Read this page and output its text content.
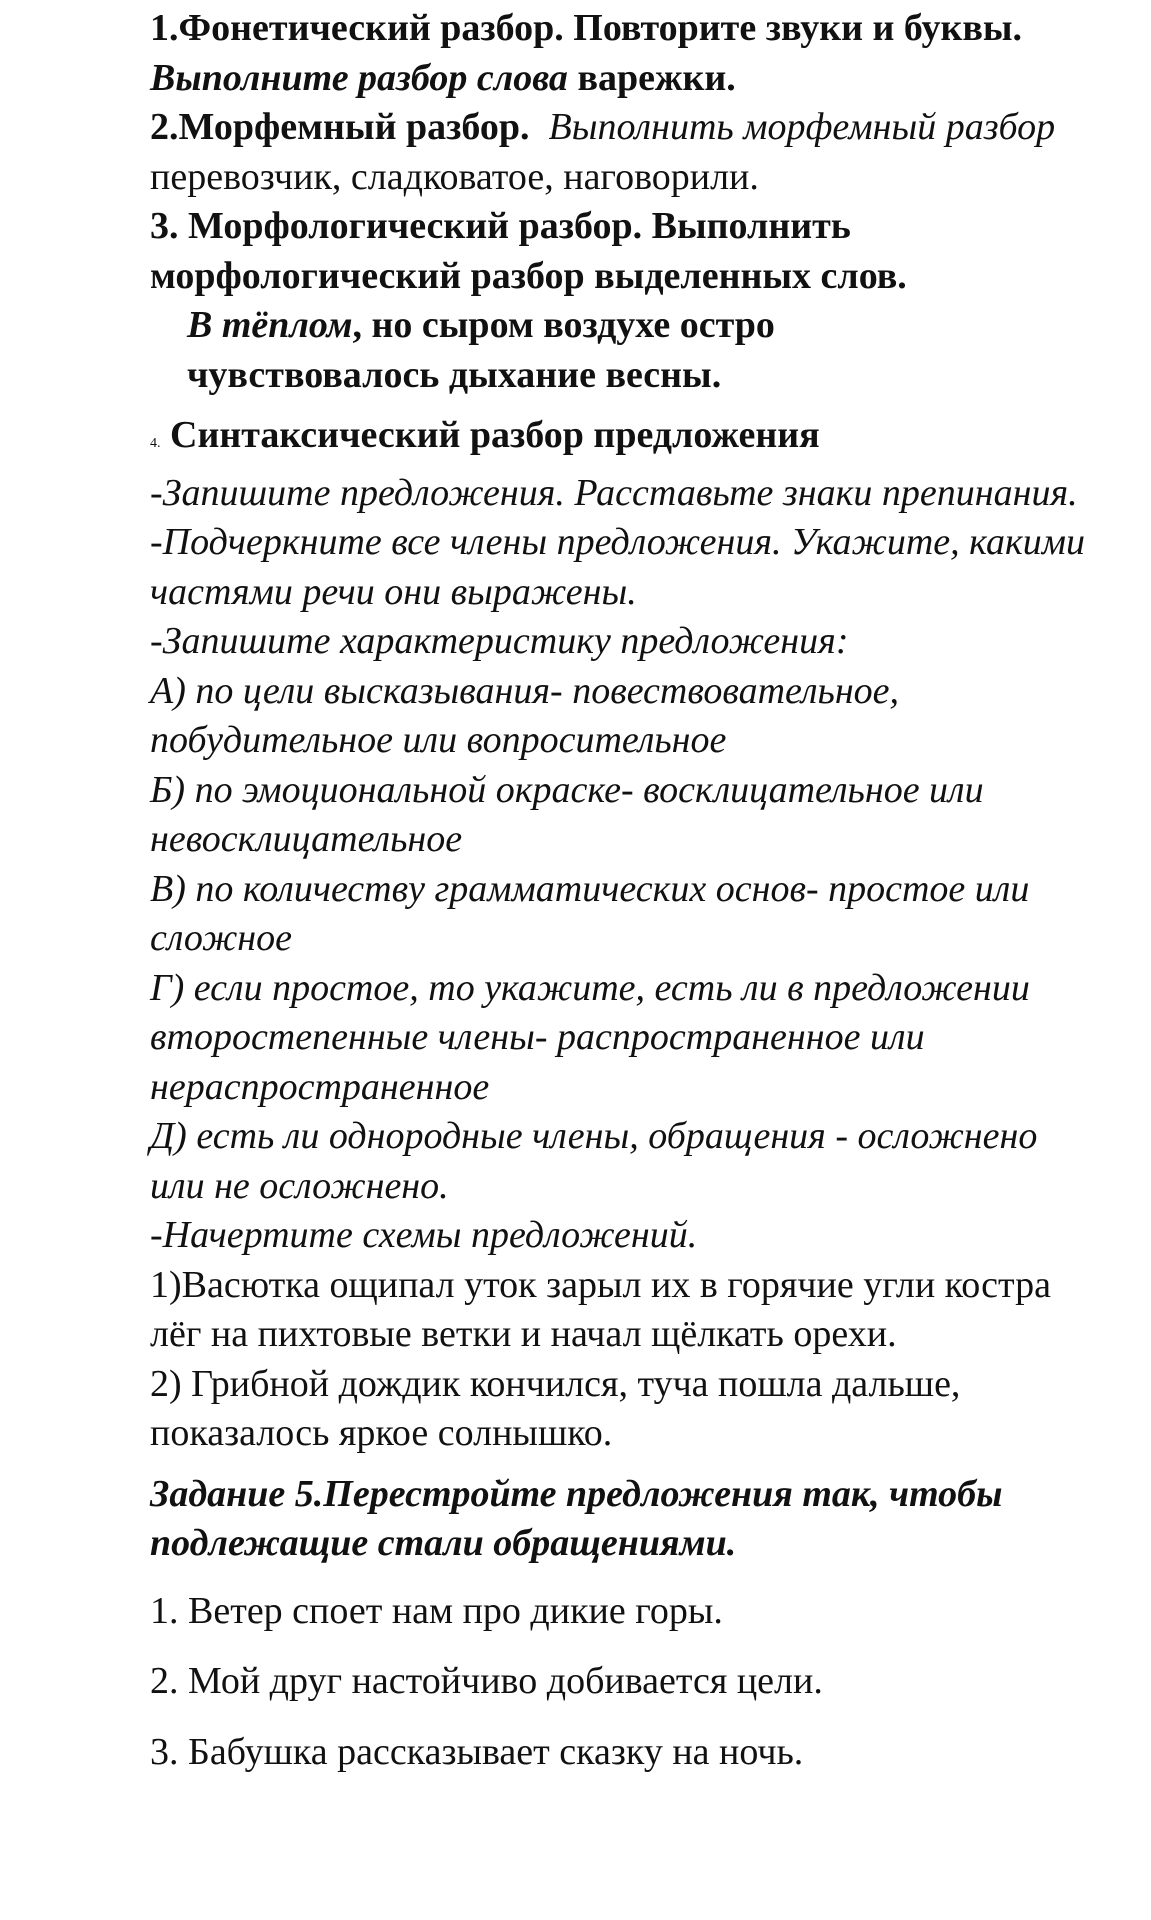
1.Фонетический разбор. Повторите звуки и буквы. Выполните разбор слова варежки.

2.Морфемный разбор. Выполнить морфемный разбор перевозчик, сладковатое, наговорили.

3. Морфологический разбор. Выполнить морфологический разбор выделенных слов.

В тёплом, но сыром воздухе остро

чувствовалось дыхание весны.

4. Синтаксический разбор предложения

-Запишите предложения. Расставьте знаки препинания.

-Подчеркните все члены предложения. Укажите, какими частями речи они выражены.

-Запишите характеристику предложения:

А) по цели высказывания- повествовательное, побудительное или вопросительное

Б) по эмоциональной окраске- восклицательное или невосклицательное

В) по количеству грамматических основ- простое или сложное

Г) если простое, то укажите, есть ли в предложении второстепенные члены- распространенное или нераспространенное

Д) есть ли однородные члены, обращения - осложнено или не осложнено.

-Начертите схемы предложений.

1)Васютка ощипал уток зарыл их в горячие угли костра лёг на пихтовые ветки и начал щёлкать орехи.

2) Грибной дождик кончился, туча пошла дальше, показалось яркое солнышко.

Задание 5.Перестройте предложения так, чтобы подлежащие стали обращениями.

1. Ветер споет нам про дикие горы.

2. Мой друг настойчиво добивается цели.

3. Бабушка рассказывает сказку на ночь.
